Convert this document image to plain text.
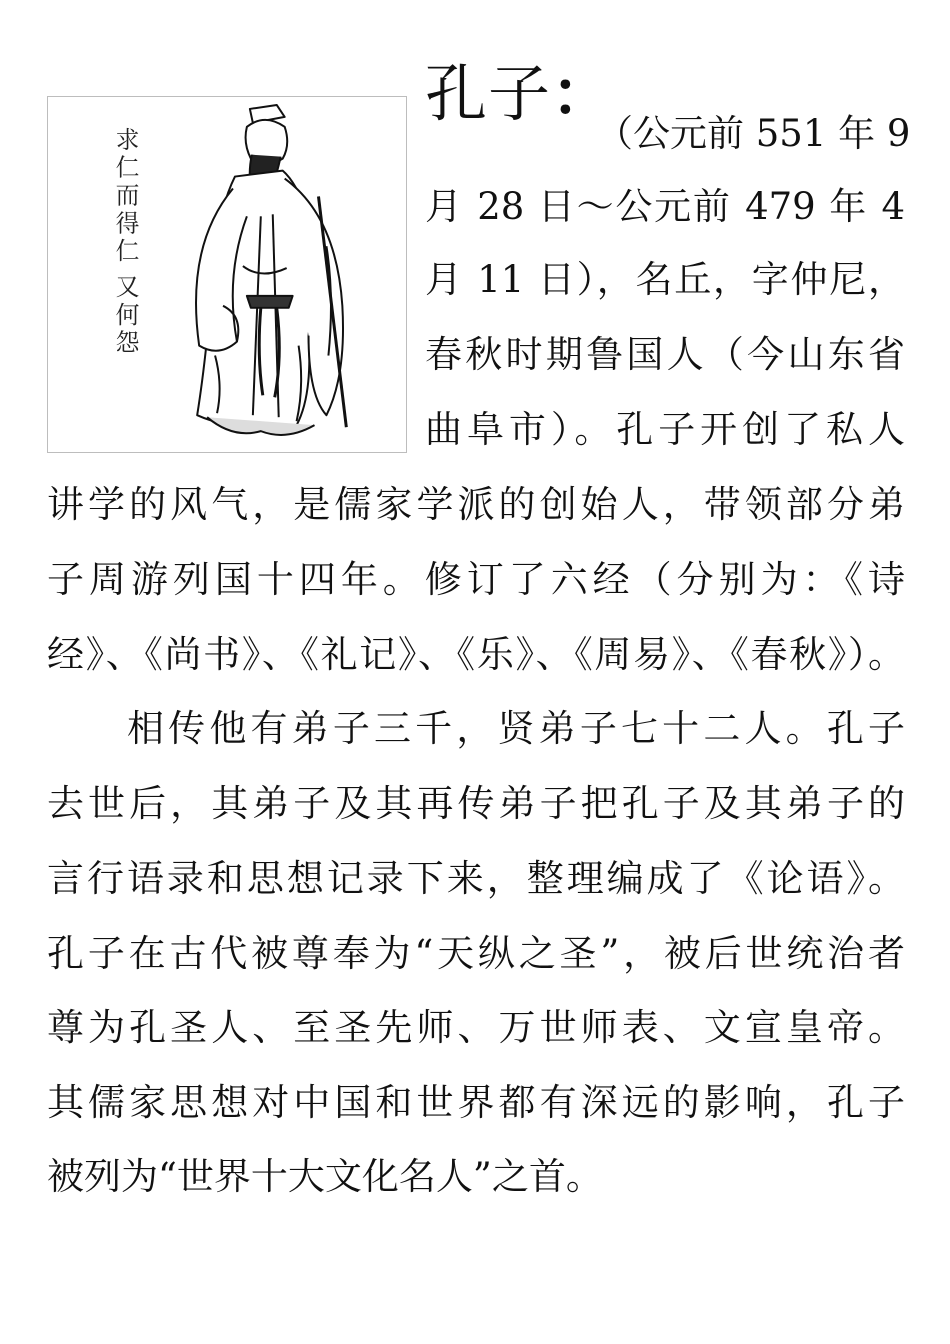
求仁而得仁
又何怨
孔子：
（公元前 551 年 9
月 28 日～公元前 479 年 4
月 11 日），名丘，字仲尼，
春秋时期鲁国人（今山东省
曲阜市）。孔子开创了私人
讲学的风气，是儒家学派的创始人，带领部分弟
子周游列国十四年。修订了六经（分别为：《诗
经》、《尚书》、《礼记》、《乐》、《周易》、《春秋》）。
相传他有弟子三千，贤弟子七十二人。孔子
去世后，其弟子及其再传弟子把孔子及其弟子的
言行语录和思想记录下来，整理编成了《论语》。
孔子在古代被尊奉为“天纵之圣”，被后世统治者
尊为孔圣人、至圣先师、万世师表、文宣皇帝。
其儒家思想对中国和世界都有深远的影响，孔子
被列为“世界十大文化名人”之首。
